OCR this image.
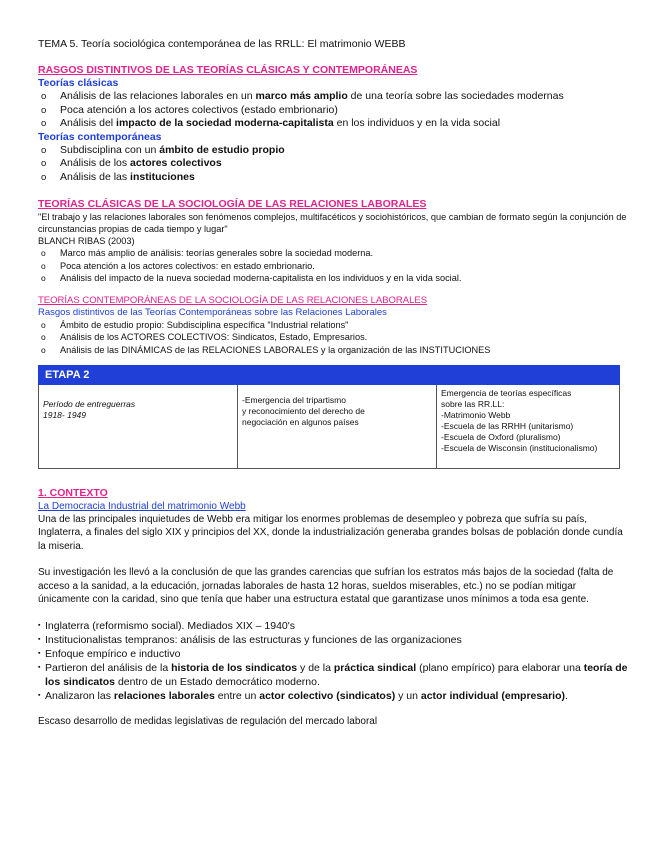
TEMA 5. Teoría sociológica contemporánea de las RRLL: El matrimonio WEBB
RASGOS DISTINTIVOS DE LAS TEORÍAS CLÁSICAS Y CONTEMPORÁNEAS
Teorías clásicas
o Análisis de las relaciones laborales en un marco más amplio de una teoría sobre las sociedades modernas
o Poca atención a los actores colectivos (estado embrionario)
o Análisis del impacto de la sociedad moderna-capitalista en los individuos y en la vida social
Teorías contemporáneas
o Subdisciplina con un ámbito de estudio propio
o Análisis de los actores colectivos
o Análisis de las instituciones
TEORÍAS CLÁSICAS DE LA SOCIOLOGÍA DE LAS RELACIONES LABORALES
"El trabajo y las relaciones laborales son fenómenos complejos, multifacéticos y sociohistóricos, que cambian de formato según la conjunción de circunstancias propias de cada tiempo y lugar"
BLANCH RIBAS (2003)
o Marco más amplio de análisis: teorías generales sobre la sociedad moderna.
o Poca atención a los actores colectivos: en estado embrionario.
o Análisis del impacto de la nueva sociedad moderna-capitalista en los individuos y en la vida social.
TEORÍAS CONTEMPORÁNEAS DE LA SOCIOLOGÍA DE LAS RELACIONES LABORALES
Rasgos distintivos de las Teorías Contemporáneas sobre las Relaciones Laborales
o Ámbito de estudio propio: Subdisciplina específica "Industrial relations"
o Análisis de los ACTORES COLECTIVOS: Sindicatos, Estado, Empresarios.
o Análisis de las DINÁMICAS de las RELACIONES LABORALES y la organización de las INSTITUCIONES
ETAPA 2

Período de entreguerras
1918- 1949

-Emergencia del tripartismo
y reconocimiento del derecho de
negociación en algunos países

Emergencia de teorías específicas
sobre las RR.LL:
-Matrimonio Webb
-Escuela de las RRHH (unitarismo)
-Escuela de Oxford (pluralismo)
-Escuela de Wisconsin (institucionalismo)
1. CONTEXTO
La Democracia Industrial del matrimonio Webb

Una de las principales inquietudes de Webb era mitigar los enormes problemas de desempleo y pobreza que sufría su país, Inglaterra, a finales del siglo XIX y principios del XX, donde la industrialización generaba grandes bolsas de población donde cundía la miseria.

Su investigación les llevó a la conclusión de que las grandes carencias que sufrían los estratos más bajos de la sociedad (falta de acceso a la sanidad, a la educación, jornadas laborales de hasta 12 horas, sueldos miserables, etc.) no se podían mitigar únicamente con la caridad, sino que tenía que haber una estructura estatal que garantizase unos mínimos a toda esa gente.

▪ Inglaterra (reformismo social). Mediados XIX – 1940's
▪ Institucionalistas tempranos: análisis de las estructuras y funciones de las organizaciones
▪ Enfoque empírico e inductivo
▪ Partieron del análisis de la historia de los sindicatos y de la práctica sindical (plano empírico) para elaborar una teoría de los sindicatos dentro de un Estado democrático moderno.
▪ Analizaron las relaciones laborales entre un actor colectivo (sindicatos) y un actor individual (empresario).

Escaso desarrollo de medidas legislativas de regulación del mercado laboral
